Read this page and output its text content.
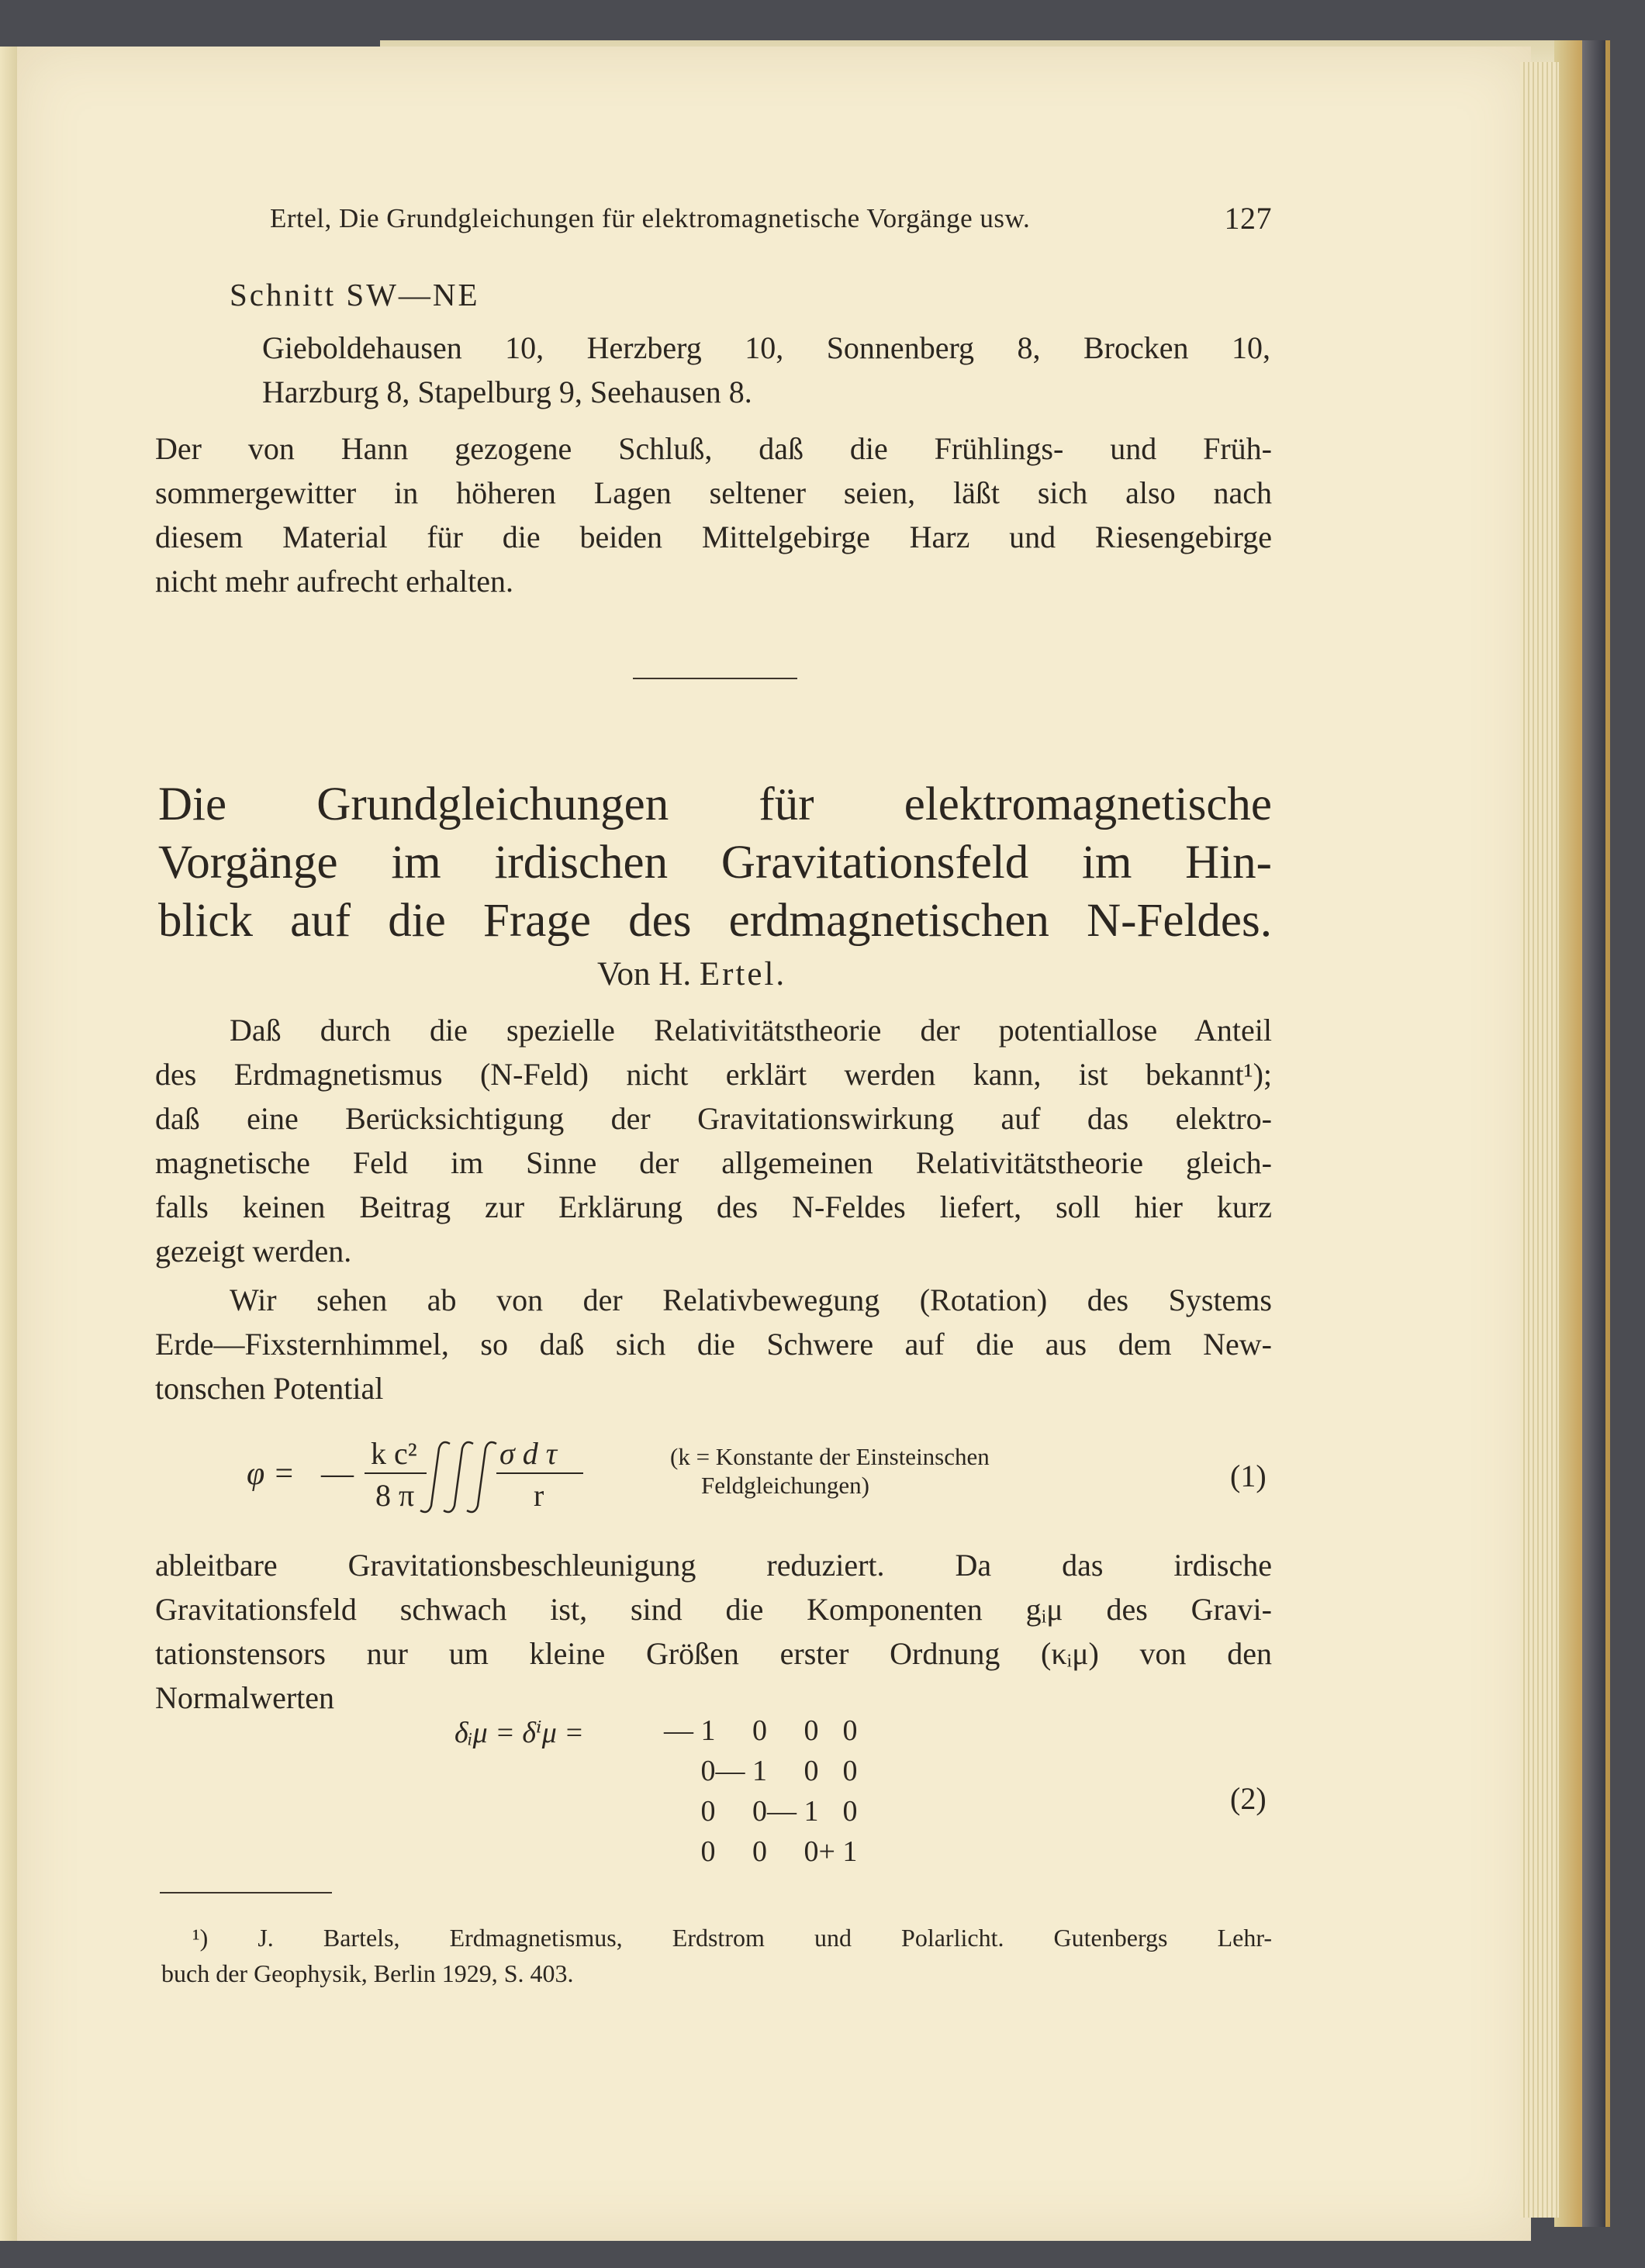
Ertel, Die Grundgleichungen für elektromagnetische Vorgänge usw.	127
Schnitt SW—NE
Gieboldehausen 10, Herzberg 10, Sonnenberg 8, Brocken 10,
Harzburg 8, Stapelburg 9, Seehausen 8.
Der von Hann gezogene Schluß, daß die Frühlings- und Früh-
sommergewitter in höheren Lagen seltener seien, läßt sich also nach
diesem Material für die beiden Mittelgebirge Harz und Riesengebirge
nicht mehr aufrecht erhalten.
Die Grundgleichungen für elektromagnetische
Vorgänge im irdischen Gravitationsfeld im Hin-
blick auf die Frage des erdmagnetischen N-Feldes.
Von H. Ertel.
Daß durch die spezielle Relativitätstheorie der potentiallose Anteil
des Erdmagnetismus (N-Feld) nicht erklärt werden kann, ist bekannt¹);
daß eine Berücksichtigung der Gravitationswirkung auf das elektro-
magnetische Feld im Sinne der allgemeinen Relativitätstheorie gleich-
falls keinen Beitrag zur Erklärung des N-Feldes liefert, soll hier kurz
gezeigt werden.
Wir sehen ab von der Relativbewegung (Rotation) des Systems
Erde—Fixsternhimmel, so daß sich die Schwere auf die aus dem New-
tonschen Potential
φ = —
k c²
8 π
σ d τ
r
(k = Konstante der Einsteinschen
Feldgleichungen)	(1)
ableitbare Gravitationsbeschleunigung reduziert. Da das irdische
Gravitationsfeld schwach ist, sind die Komponenten gᵢμ des Gravi-
tationstensors nur um kleine Größen erster Ordnung (κᵢμ) von den
Normalwerten
δᵢμ = δⁱμ =	— 1	0	0	0
0	— 1	0	0
0	0	— 1	0
0	0	0	+ 1
(2)
¹) J. Bartels, Erdmagnetismus, Erdstrom und Polarlicht. Gutenbergs Lehr-
buch der Geophysik, Berlin 1929, S. 403.
